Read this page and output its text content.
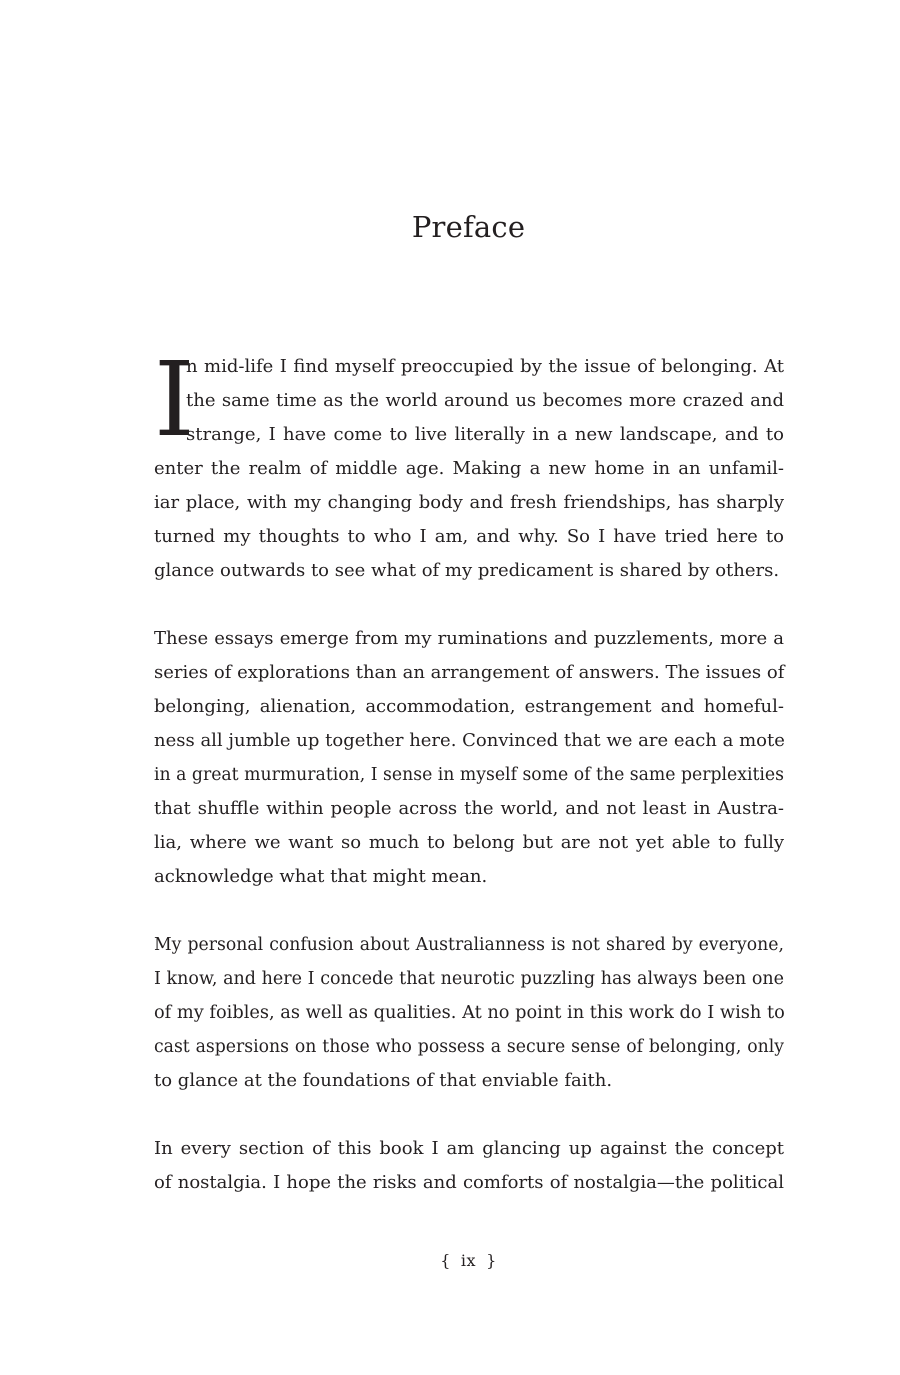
Preface
I
n mid-life I find myself preoccupied by the issue of belonging. At
the same time as the world around us becomes more crazed and
strange, I have come to live literally in a new landscape, and to
enter the realm of middle age. Making a new home in an unfamil-
iar place, with my changing body and fresh friendships, has sharply
turned my thoughts to who I am, and why. So I have tried here to
glance outwards to see what of my predicament is shared by others.
These essays emerge from my ruminations and puzzlements, more a
series of explorations than an arrangement of answers. The issues of
belonging, alienation, accommodation, estrangement and homeful-
ness all jumble up together here. Convinced that we are each a mote
in a great murmuration, I sense in myself some of the same perplexities
that shuffle within people across the world, and not least in Austra-
lia, where we want so much to belong but are not yet able to fully
acknowledge what that might mean.
My personal confusion about Australianness is not shared by everyone,
I know, and here I concede that neurotic puzzling has always been one
of my foibles, as well as qualities. At no point in this work do I wish to
cast aspersions on those who possess a secure sense of belonging, only
to glance at the foundations of that enviable faith.
In every section of this book I am glancing up against the concept
of nostalgia. I hope the risks and comforts of nostalgia—the political
{ ix }
